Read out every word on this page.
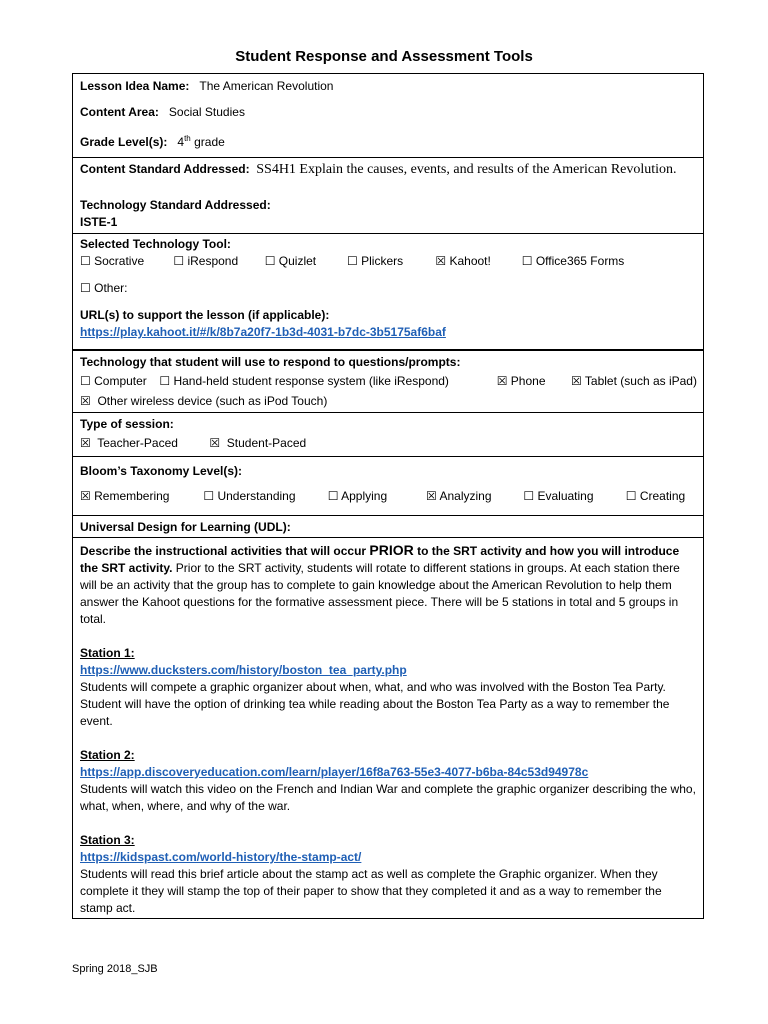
Student Response and Assessment Tools

Lesson Idea Name: The American Revolution

Content Area: Social Studies

Grade Level(s): 4th grade

Content Standard Addressed: SS4H1 Explain the causes, events, and results of the American Revolution.

Technology Standard Addressed:

ISTE-1

Selected Technology Tool:

☐ Socrative ☐ iRespond ☐ Quizlet	☐ Plickers	☒ Kahoot!	☐ Office365 Forms

☐ Other:

URL(s) to support the lesson (if applicable):

https://play.kahoot.it/#/k/8b7a20f7-1b3d-4031-b7dc-3b5175af6baf

Technology that student will use to respond to questions/prompts:

☐ Computer ☐ Hand-held student response system (like iRespond)	☒ Phone ☒ Tablet (such as iPad)

☒ Other wireless device (such as iPod Touch)

Type of session:

☒ Teacher-Paced	☒ Student-Paced

Bloom’s Taxonomy Level(s):

☒ Remembering	☐ Understanding	☐ Applying	☒ Analyzing	☐ Evaluating	☐ Creating

Universal Design for Learning (UDL):

Describe the instructional activities that will occur PRIOR to the SRT activity and how you will introduce the SRT activity. Prior to the SRT activity, students will rotate to different stations in groups. At each station there will be an activity that the group has to complete to gain knowledge about the American Revolution to help them answer the Kahoot questions for the formative assessment piece. There will be 5 stations in total and 5 groups in total.

Station 1:

https://www.ducksters.com/history/boston_tea_party.php

Students will compete a graphic organizer about when, what, and who was involved with the Boston Tea Party. Student will have the option of drinking tea while reading about the Boston Tea Party as a way to remember the event.

Station 2:

https://app.discoveryeducation.com/learn/player/16f8a763-55e3-4077-b6ba-84c53d94978c

Students will watch this video on the French and Indian War and complete the graphic organizer describing the who, what, when, where, and why of the war.

Station 3:

https://kidspast.com/world-history/the-stamp-act/

Students will read this brief article about the stamp act as well as complete the Graphic organizer. When they complete it they will stamp the top of their paper to show that they completed it and as a way to remember the stamp act.

Spring 2018_SJB
